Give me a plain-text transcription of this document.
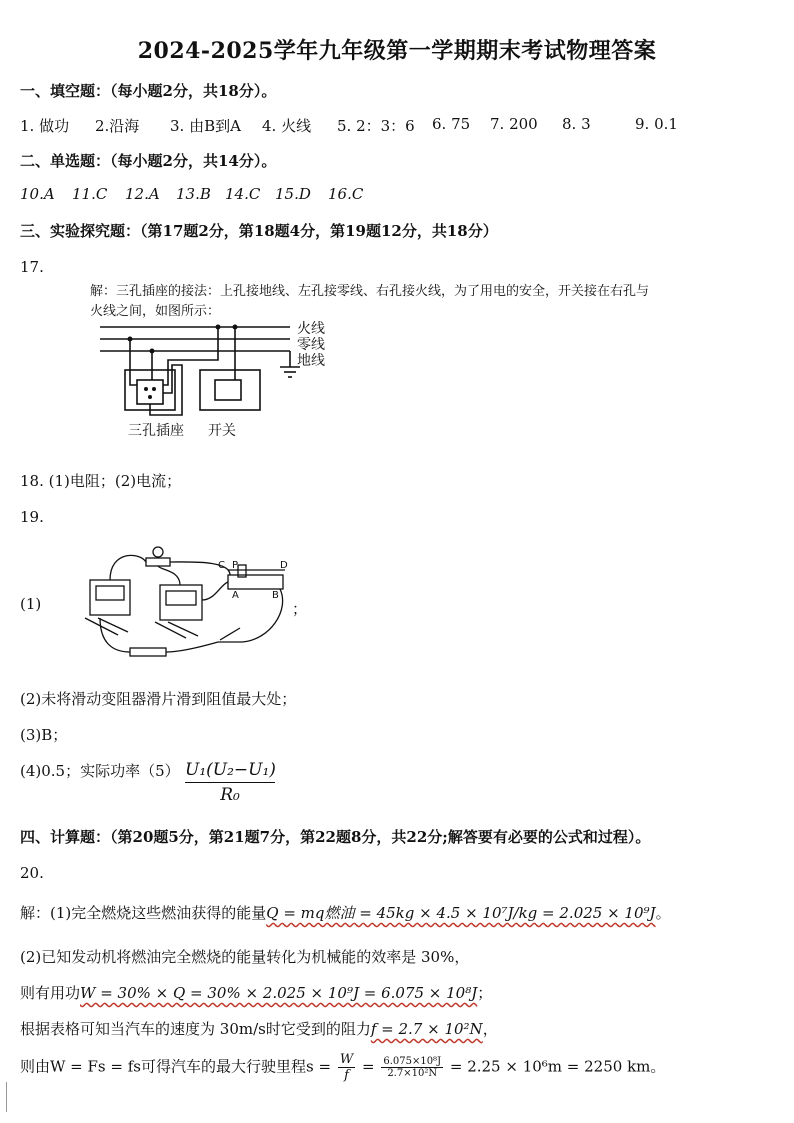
2024-2025学年九年级第一学期期末考试物理答案
一、填空题：（每小题2分，共18分）。
1. 做功 2.沿海 3. 由B到A 4. 火线 5. 2：3：6 6. 75 7. 200 8. 3	9. 0.1
二、单选题：（每小题2分，共14分）。
10.A 11.C 12.A 13.B 14.C 15.D 16.C
三、实验探究题：（第17题2分，第18题4分，第19题12分，共18分）
17.
解：三孔插座的接法：上孔接地线、左孔接零线、右孔接火线，为了用电的安全，开关接在右孔与
火线之间，如图所示：
火线
零线
地线
三孔插座 开关
18. (1)电阻；(2)电流；
19.
(1)
C P	D
A	B
；
(2)未将滑动变阻器滑片滑到阻值最大处；
(3)B；
(4)0.5；实际功率$(5) \frac{\text{U₁(U₂−U₁)}}{\text{R₀}}$
四、计算题：（第20题5分，第21题7分，第22题8分，共22分;解答要有必要的公式和过程）。
20.
解：(1)完全燃烧这些燃油获得的能量Q = mq燃油 = 45kg × 4.5 × 10⁷J/kg = 2.025 × 10⁹J。
(2)已知发动机将燃油完全燃烧的能量转化为机械能的效率是 30%，
则有用功W = 30% × Q = 30% × 2.025 × 10⁹J = 6.075 × 10⁸J；
根据表格可知当汽车的速度为 30m/s时它受到的阻力f = 2.7 × 10²N，
则由W = Fs = fs可得汽车的最大行驶里程$s = \frac{W}{f} = \frac{\text{6.075×10⁸J}}{\text{2.7×10²N}} = 2.25 \times 10^6m = 2250$ km。
